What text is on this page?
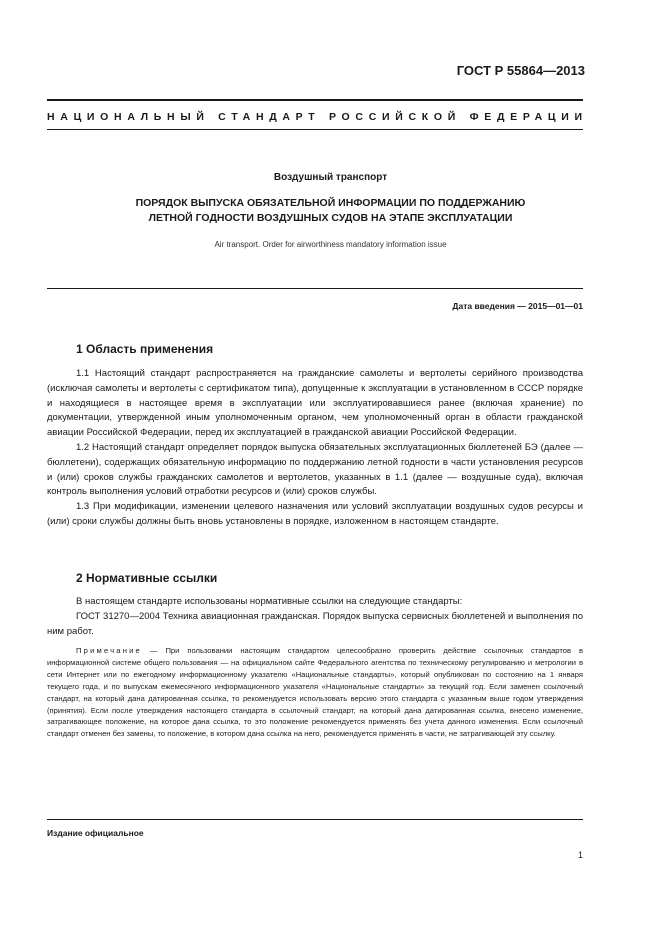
ГОСТ Р 55864—2013
НАЦИОНАЛЬНЫЙ СТАНДАРТ РОССИЙСКОЙ ФЕДЕРАЦИИ
Воздушный транспорт
ПОРЯДОК ВЫПУСКА ОБЯЗАТЕЛЬНОЙ ИНФОРМАЦИИ ПО ПОДДЕРЖАНИЮ
ЛЕТНОЙ ГОДНОСТИ ВОЗДУШНЫХ СУДОВ НА ЭТАПЕ ЭКСПЛУАТАЦИИ
Air transport. Order for airworthiness mandatory information issue
Дата введения — 2015—01—01
1 Область применения
1.1 Настоящий стандарт распространяется на гражданские самолеты и вертолеты серийного производства (исключая самолеты и вертолеты с сертификатом типа), допущенные к эксплуатации в установленном в СССР порядке и находящиеся в настоящее время в эксплуатации или эксплуатировавшиеся ранее (включая хранение) по документации, утвержденной иным уполномоченным органом, чем уполномоченный орган в области гражданской авиации Российской Федерации, перед их эксплуатацией в гражданской авиации Российской Федерации.
1.2 Настоящий стандарт определяет порядок выпуска обязательных эксплуатационных бюллетеней БЭ (далее — бюллетени), содержащих обязательную информацию по поддержанию летной годности в части установления ресурсов и (или) сроков службы гражданских самолетов и вертолетов, указанных в 1.1 (далее — воздушные суда), включая контроль выполнения условий отработки ресурсов и (или) сроков службы.
1.3 При модификации, изменении целевого назначения или условий эксплуатации воздушных судов ресурсы и (или) сроки службы должны быть вновь установлены в порядке, изложенном в настоящем стандарте.
2 Нормативные ссылки
В настоящем стандарте использованы нормативные ссылки на следующие стандарты:
ГОСТ 31270—2004 Техника авиационная гражданская. Порядок выпуска сервисных бюллетеней и выполнения по ним работ.
Примечание — При пользовании настоящим стандартом целесообразно проверить действие ссылочных стандартов в информационной системе общего пользования — на официальном сайте Федерального агентства по техническому регулированию и метрологии в сети Интернет или по ежегодному информационному указателю «Национальные стандарты», который опубликован по состоянию на 1 января текущего года, и по выпускам ежемесячного информационного указателя «Национальные стандарты» за текущий год. Если заменен ссылочный стандарт, на который дана датированная ссылка, то рекомендуется использовать версию этого стандарта с указанным выше годом утверждения (принятия). Если после утверждения настоящего стандарта в ссылочный стандарт, на который дана датированная ссылка, внесено изменение, затрагивающее положение, на которое дана ссылка, то это положение рекомендуется применять без учета данного изменения. Если ссылочный стандарт отменен без замены, то положение, в котором дана ссылка на него, рекомендуется применять в части, не затрагивающей эту ссылку.
Издание официальное
1
